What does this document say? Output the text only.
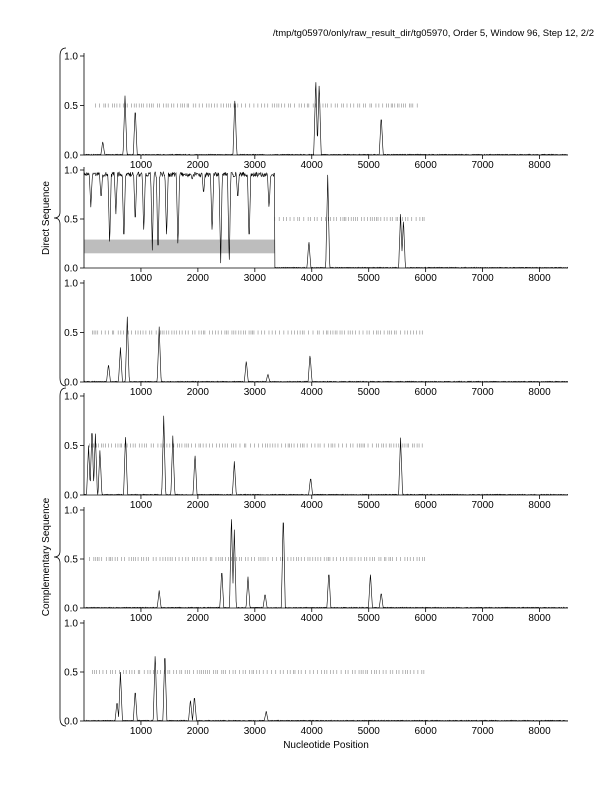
/tmp/tg05970/only/raw_result_dir/tg05970, Order 5, Window 96, Step 12, 2/2
Direct Sequence
Complementary Sequence
0.0
0.5
1.0
1000	2000	3000	4000	5000	6000	7000	8000
0.0
0.5
1.0
1000	2000	3000	4000	5000	6000	7000	8000
0.0
0.5
1.0
1000	2000	3000	4000	5000	6000	7000	8000
0.0
0.5
1.0
1000	2000	3000	4000	5000	6000	7000	8000
0.0
0.5
1.0
1000	2000	3000	4000	5000	6000	7000	8000
0.0
0.5
1.0
1000	2000	3000	4000	5000	6000	7000	8000
Nucleotide Position
